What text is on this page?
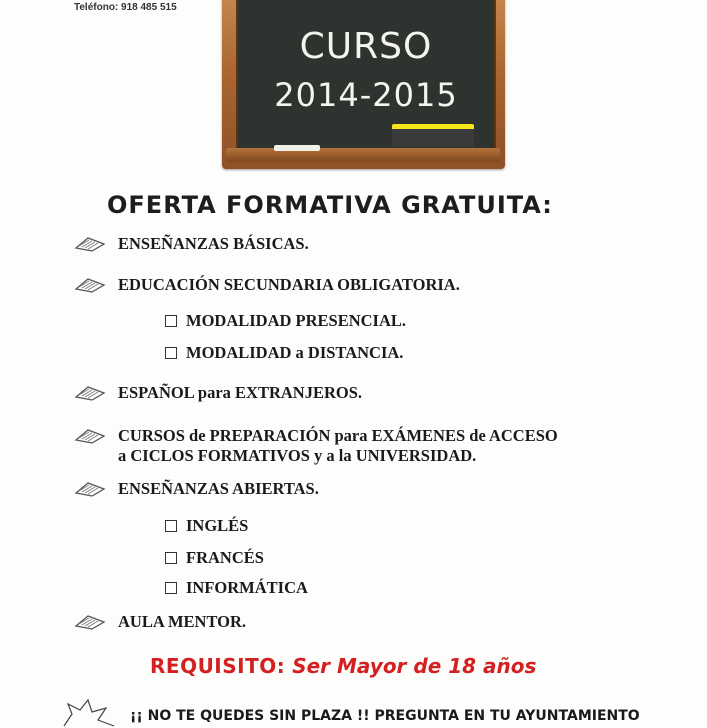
Teléfono: 918 485 515
CURSO
2014-2015
OFERTA FORMATIVA GRATUITA:
ENSEÑANZAS BÁSICAS.
EDUCACIÓN SECUNDARIA OBLIGATORIA.
MODALIDAD PRESENCIAL.
MODALIDAD a DISTANCIA.
ESPAÑOL para EXTRANJEROS.
CURSOS de PREPARACIÓN para EXÁMENES de ACCESO
a CICLOS FORMATIVOS y a la UNIVERSIDAD.
ENSEÑANZAS ABIERTAS.
INGLÉS
FRANCÉS
INFORMÁTICA
AULA MENTOR.
REQUISITO: Ser Mayor de 18 años
¡¡ NO TE QUEDES SIN PLAZA !! PREGUNTA EN TU AYUNTAMIENTO
